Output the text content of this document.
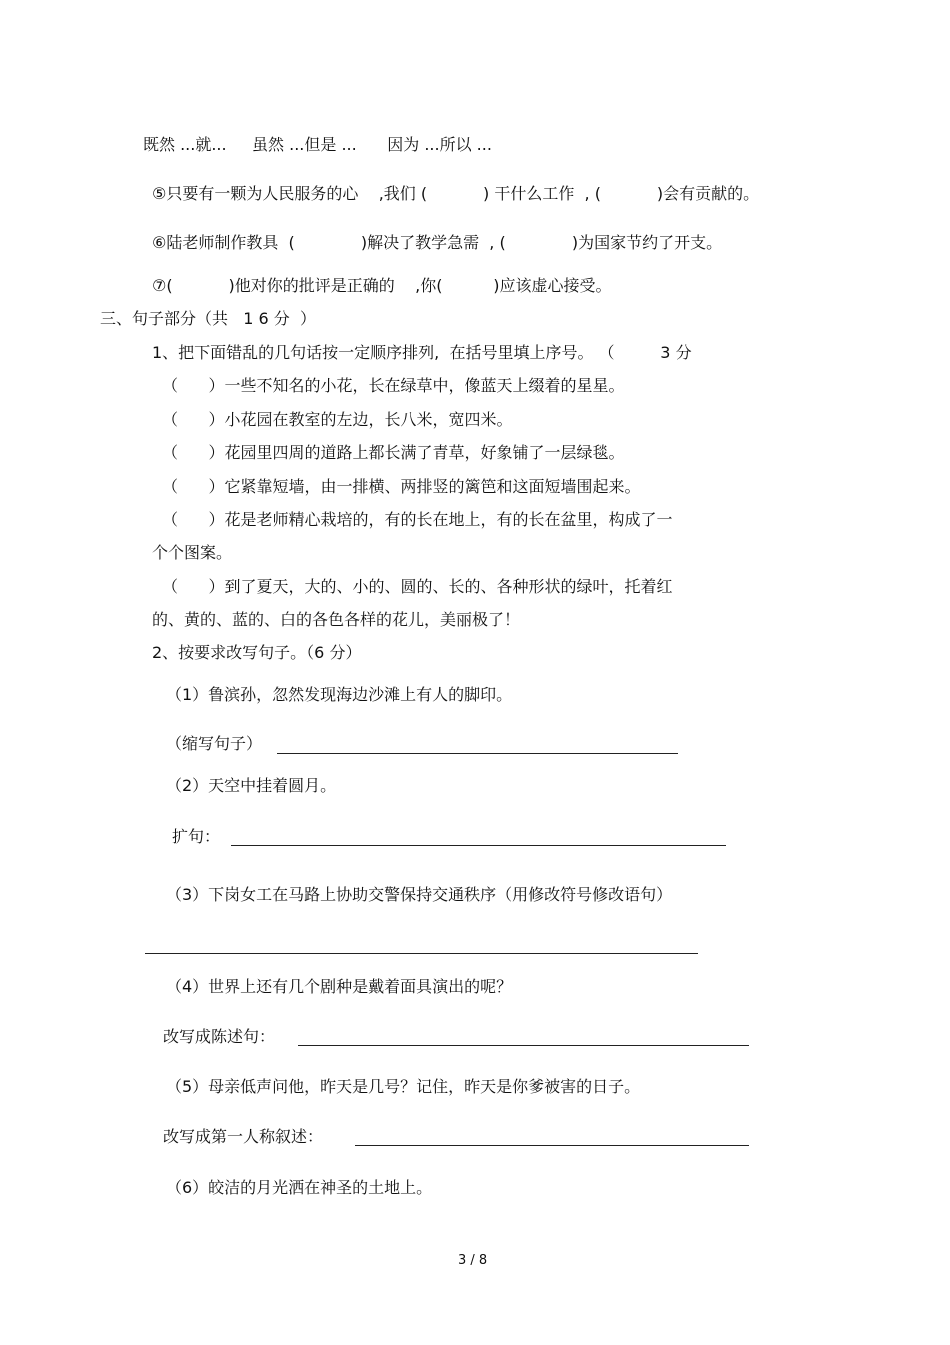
既然 ...就...     虽然 ...但是 ...      因为 ...所以 ...
⑤只要有一颗为人民服务的心    ,我们 (           ) 干什么工作  , (           )会有贡献的。
⑥陆老师制作教具  (             )解决了教学急需  , (             )为国家节约了开支。
⑦(           )他对你的批评是正确的    ,你(          )应该虚心接受。
三、句子部分（共   1 6 分  ）
1、把下面错乱的几句话按一定顺序排列,  在括号里填上序号。 （         3 分
（      ）一些不知名的小花，长在绿草中，像蓝天上缀着的星星。
（      ）小花园在教室的左边，长八米，宽四米。
（      ）花园里四周的道路上都长满了青草，好象铺了一层绿毯。
（      ）它紧靠短墙，由一排横、两排竖的篱笆和这面短墙围起来。
（      ）花是老师精心栽培的，有的长在地上，有的长在盆里，构成了一
个个图案。
（      ）到了夏天，大的、小的、圆的、长的、各种形状的绿叶，托着红
的、黄的、蓝的、白的各色各样的花儿，美丽极了！
2、按要求改写句子。（6 分）
（1）鲁滨孙，忽然发现海边沙滩上有人的脚印。
（缩写句子）
（2）天空中挂着圆月。
扩句：
（3）下岗女工在马路上协助交警保持交通秩序（用修改符号修改语句）
（4）世界上还有几个剧种是戴着面具演出的呢？
改写成陈述句：
（5）母亲低声问他，昨天是几号？记住，昨天是你爹被害的日子。
改写成第一人称叙述：
（6）皎洁的月光洒在神圣的土地上。
3 / 8
